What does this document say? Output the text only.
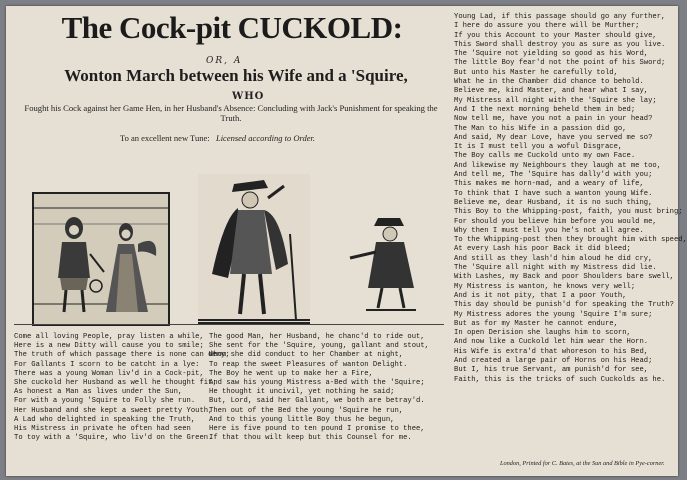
The Cock-pit CUCKOLD:
OR, A
Wonton March between his Wife and a 'Squire,
WHO
Fought his Cock against her Game Hen, in her Husband's Absence: Concluding with Jack's Punishment for speaking the Truth.
To an excellent new Tune: Licensed according to Order.
Come all loving People, pray listen a while,
Here is a new Ditty will cause you to smile;
The truth of which passage there is none can deny;
For Gallants I scorn to be catcht in a lye:
There was a young Woman liv'd in a Cock-pit,
She cuckold her Husband as well he thought fit;
As honest a Man as lives under the Sun,
For with a young 'Squire to Folly she run.
Her Husband and she kept a sweet pretty Youth,
A Lad who delighted in speaking the Truth,
His Mistress in private he often had seen
To toy with a 'Squire, who liv'd on the Green.
The good Man, her Husband, he chanc'd to ride out,
She sent for the 'Squire, young, gallant and stout,
Whom she did conduct to her Chamber at night,
To reap the sweet Pleasures of wanton Delight.
The Boy he went up to make her a Fire,
And saw his young Mistress a-Bed with the 'Squire;
He thought it uncivil, yet nothing he said;
But, Lord, said her Gallant, we both are betray'd.
Then out of the Bed the young 'Squire he run,
And to this young little Boy thus he begun,
Here is five pound to ten pound I promise to thee,
If that thou wilt keep but this Counsel for me.
Young Lad, if this passage should go any further,
I here do assure you there will be Murther;
If you this Account to your Master should give,
This Sword shall destroy you as sure as you live.
The 'Squire not yielding so good as his Word,
The little Boy fear'd not the point of his Sword;
But unto his Master he carefully told,
What he in the Chamber did chance to behold.
Believe me, kind Master, and hear what I say,
My Mistress all night with the 'Squire she lay;
And I the next morning beheld them in bed;
Now tell me, have you not a pain in your head?
The Man to his Wife in a passion did go,
And said, My dear Love, have you served me so?
It is I must tell you a woful Disgrace,
The Boy calls me Cuckold unto my own Face.
And likewise my Neighbours they laugh at me too,
And tell me, The 'Squire has dally'd with you;
This makes me horn-mad, and a weary of life,
To think that I have such a wanton young Wife.
Believe me, dear Husband, it is no such thing,
This Boy to the Whipping-post, faith, you must bring;
For should you believe him before you would me,
Why then I must tell you he's not all agree.
To the Whipping-post then they brought him with speed,
At every Lash his poor Back it did bleed;
And still as they lash'd him aloud he did cry,
The 'Squire all night with my Mistress did lie.
With Lashes, my Back and poor Shoulders bare swell,
My Mistress is wanton, he knows very well;
And is it not pity, that I a poor Youth,
This day should be punish'd for speaking the Truth?
My Mistress adores the young 'Squire I'm sure;
But as for my Master he cannot endure,
In open Derision she laughs him to scorn,
And now like a Cuckold let him wear the Horn.
His Wife is extra'd that whoreson to his Bed,
And created a large pair of Horns on his Head;
But I, his true Servant, am punish'd for see,
Faith, this is the tricks of such Cuckolds as he.
London, Printed for C. Bates, at the Sun and Bible in Pye-corner.
